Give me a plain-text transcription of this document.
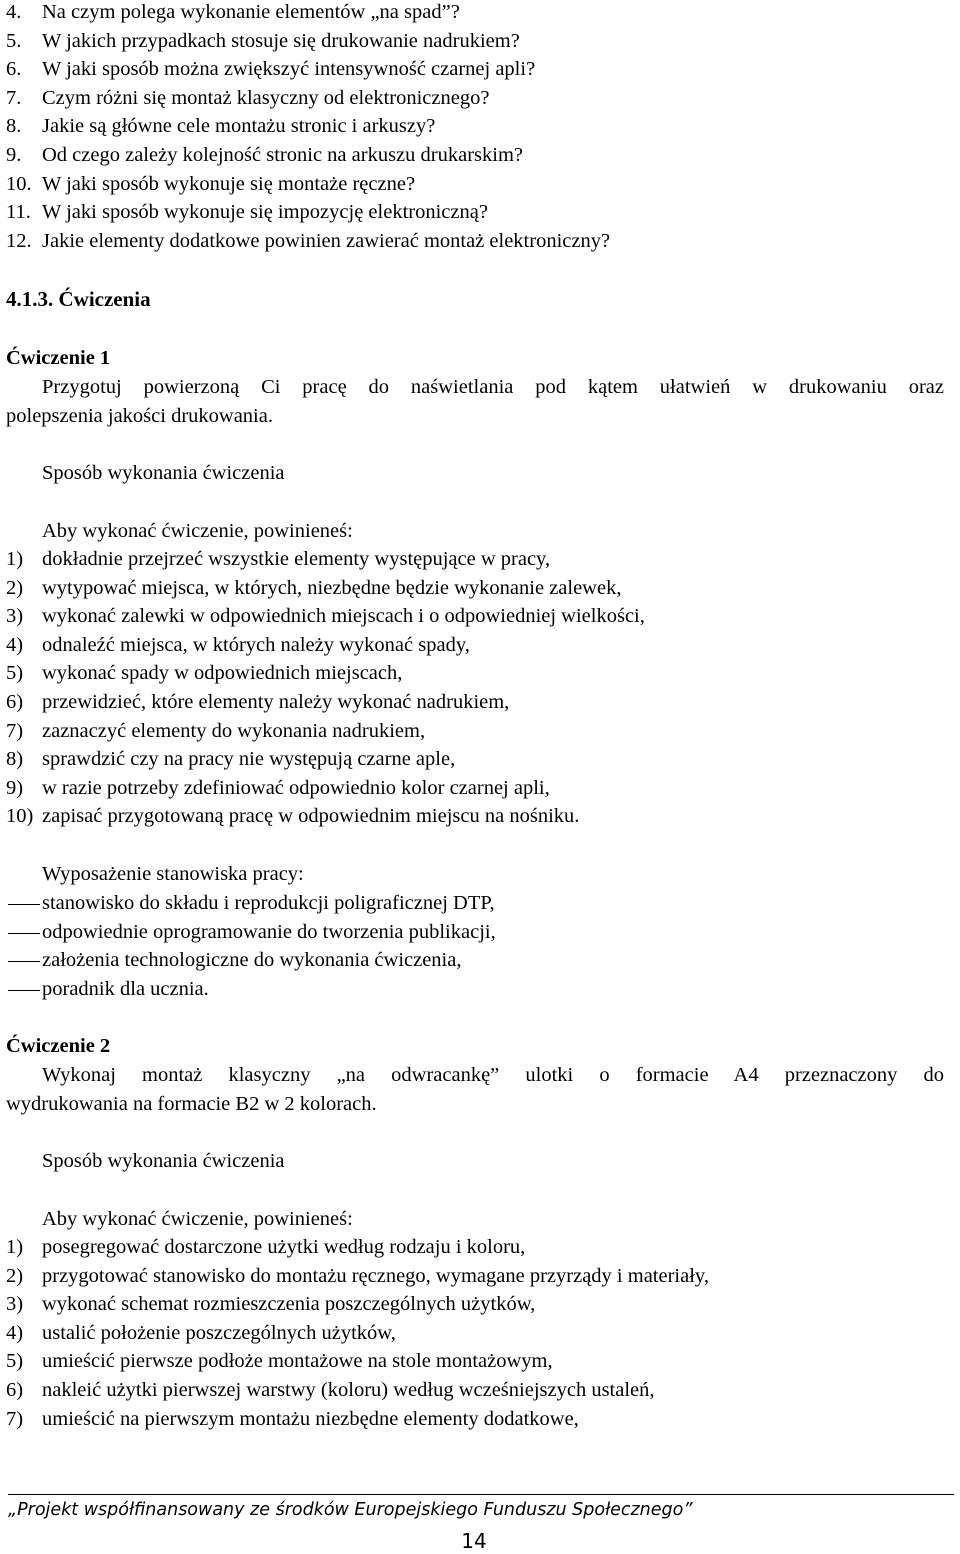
4.	Na czym polega wykonanie elementów „na spad”?
5.	W jakich przypadkach stosuje się drukowanie nadrukiem?
6.	W jaki sposób można zwiększyć intensywność czarnej apli?
7.	Czym różni się montaż klasyczny od elektronicznego?
8.	Jakie są główne cele montażu stronic i arkuszy?
9.	Od czego zależy kolejność stronic na arkuszu drukarskim?
10. W jaki sposób wykonuje się montaże ręczne?
11. W jaki sposób wykonuje się impozycję elektroniczną?
12. Jakie elementy dodatkowe powinien zawierać montaż elektroniczny?
4.1.3. Ćwiczenia
Ćwiczenie 1
Przygotuj powierzoną Ci pracę do naświetlania pod kątem ułatwień w drukowaniu oraz
polepszenia jakości drukowania.
Sposób wykonania ćwiczenia
Aby wykonać ćwiczenie, powinieneś:
1) dokładnie przejrzeć wszystkie elementy występujące w pracy,
2) wytypować miejsca, w których, niezbędne będzie wykonanie zalewek,
3) wykonać zalewki w odpowiednich miejscach i o odpowiedniej wielkości,
4) odnaleźć miejsca, w których należy wykonać spady,
5) wykonać spady w odpowiednich miejscach,
6) przewidzieć, które elementy należy wykonać nadrukiem,
7) zaznaczyć elementy do wykonania nadrukiem,
8) sprawdzić czy na pracy nie występują czarne aple,
9) w razie potrzeby zdefiniować odpowiednio kolor czarnej apli,
10) zapisać przygotowaną pracę w odpowiednim miejscu na nośniku.
Wyposażenie stanowiska pracy:
stanowisko do składu i reprodukcji poligraficznej DTP,
odpowiednie oprogramowanie do tworzenia publikacji,
założenia technologiczne do wykonania ćwiczenia,
poradnik dla ucznia.
Ćwiczenie 2
Wykonaj montaż klasyczny „na odwracankę” ulotki o formacie A4 przeznaczony do
wydrukowania na formacie B2 w 2 kolorach.
Sposób wykonania ćwiczenia
Aby wykonać ćwiczenie, powinieneś:
1) posegregować dostarczone użytki według rodzaju i koloru,
2) przygotować stanowisko do montażu ręcznego, wymagane przyrządy i materiały,
3) wykonać schemat rozmieszczenia poszczególnych użytków,
4) ustalić położenie poszczególnych użytków,
5) umieścić pierwsze podłoże montażowe na stole montażowym,
6) nakleić użytki pierwszej warstwy (koloru) według wcześniejszych ustaleń,
7) umieścić na pierwszym montażu niezbędne elementy dodatkowe,
„Projekt współfinansowany ze środków Europejskiego Funduszu Społecznego”
14
